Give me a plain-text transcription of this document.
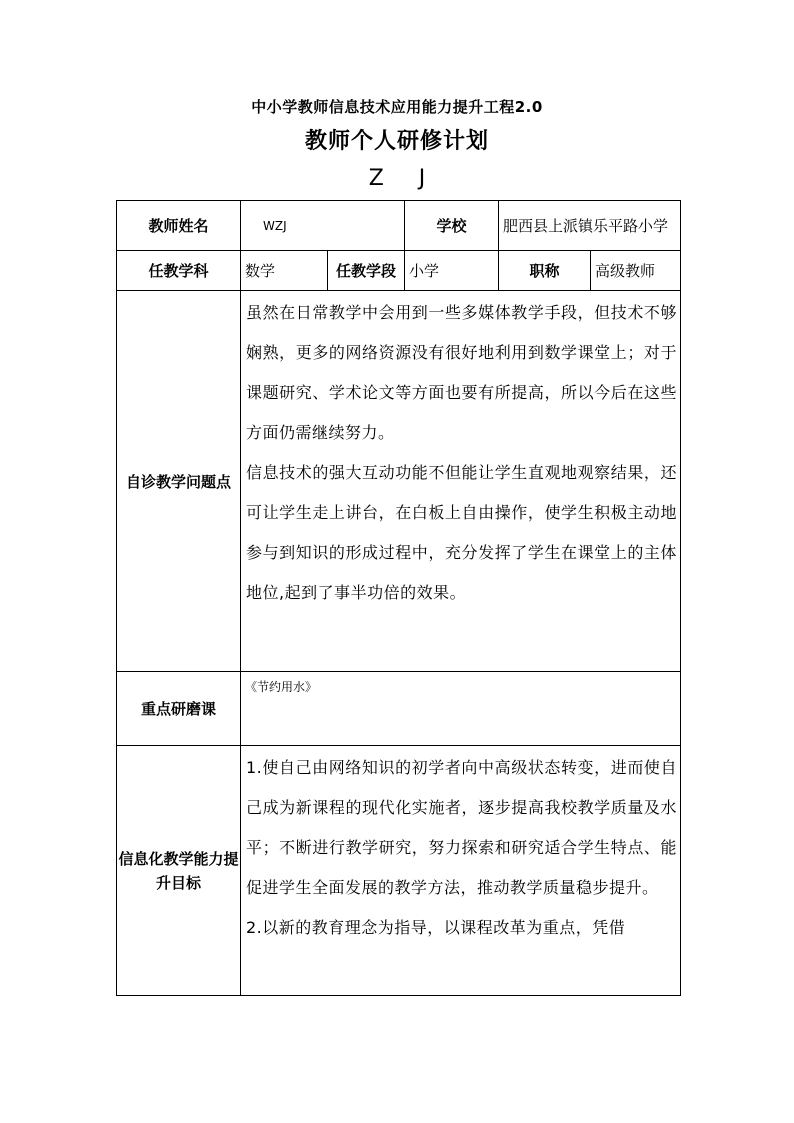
中小学教师信息技术应用能力提升工程2.0
教师个人研修计划
Z J
教师姓名	WZJ		学校	肥西县上派镇乐平路小学	
任教学科	数学	任教学段	小学	职称	高级教师
自诊教学问题点	虽然在日常教学中会用到一些多媒体教学手段，但技术不够娴熟，更多的网络资源没有很好地利用到数学课堂上；对于课题研究、学术论文等方面也要有所提高，所以今后在这些方面仍需继续努力。
信息技术的强大互动功能不但能让学生直观地观察结果，还可让学生走上讲台，在白板上自由操作，使学生积极主动地参与到知识的形成过程中，充分发挥了学生在课堂上的主体地位,起到了事半功倍的效果。				

重点研磨课	《节约用水》				
信息化教学能力提升目标	1.使自己由网络知识的初学者向中高级状态转变，进而使自己成为新课程的现代化实施者，逐步提高我校教学质量及水平；不断进行教学研究，努力探索和研究适合学生特点、能促进学生全面发展的教学方法，推动教学质量稳步提升。
2.以新的教育理念为指导，以课程改革为重点，凭借				
